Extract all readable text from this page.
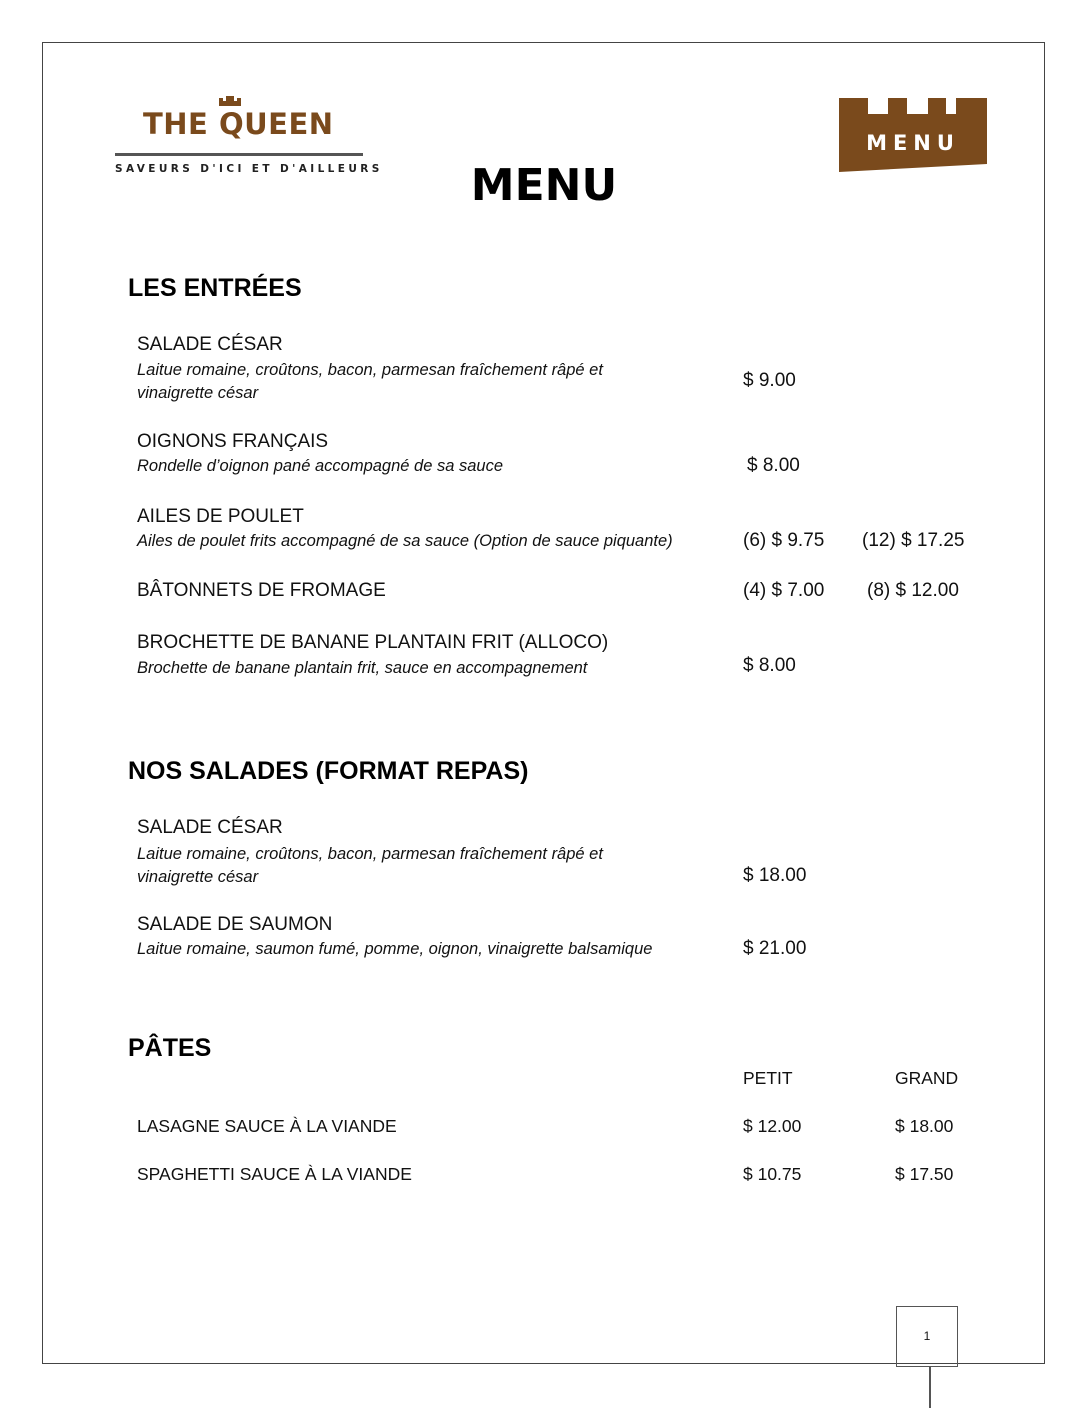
THE QUEEN
SAVEURS D'ICI ET D'AILLEURS
MENU
MENU
LES ENTRÉES
SALADE CÉSAR
Laitue romaine, croûtons, bacon, parmesan fraîchement râpé et
vinaigrette césar
$ 9.00
OIGNONS FRANÇAIS
Rondelle d’oignon pané accompagné de sa sauce	$ 8.00
AILES DE POULET
Ailes de poulet frits accompagné de sa sauce (Option de sauce piquante)	(6) $ 9.75 (12) $ 17.25
BÂTONNETS DE FROMAGE	(4) $ 7.00 (8) $ 12.00
BROCHETTE DE BANANE PLANTAIN FRIT (ALLOCO)
Brochette de banane plantain frit, sauce en accompagnement	$ 8.00
NOS SALADES (FORMAT REPAS)
SALADE CÉSAR
Laitue romaine, croûtons, bacon, parmesan fraîchement râpé et
vinaigrette césar	$ 18.00
SALADE DE SAUMON
Laitue romaine, saumon fumé, pomme, oignon, vinaigrette balsamique	$ 21.00
PÂTES
PETIT	GRAND
LASAGNE SAUCE À LA VIANDE	$ 12.00	$ 18.00
SPAGHETTI SAUCE À LA VIANDE	$ 10.75	$ 17.50
1
